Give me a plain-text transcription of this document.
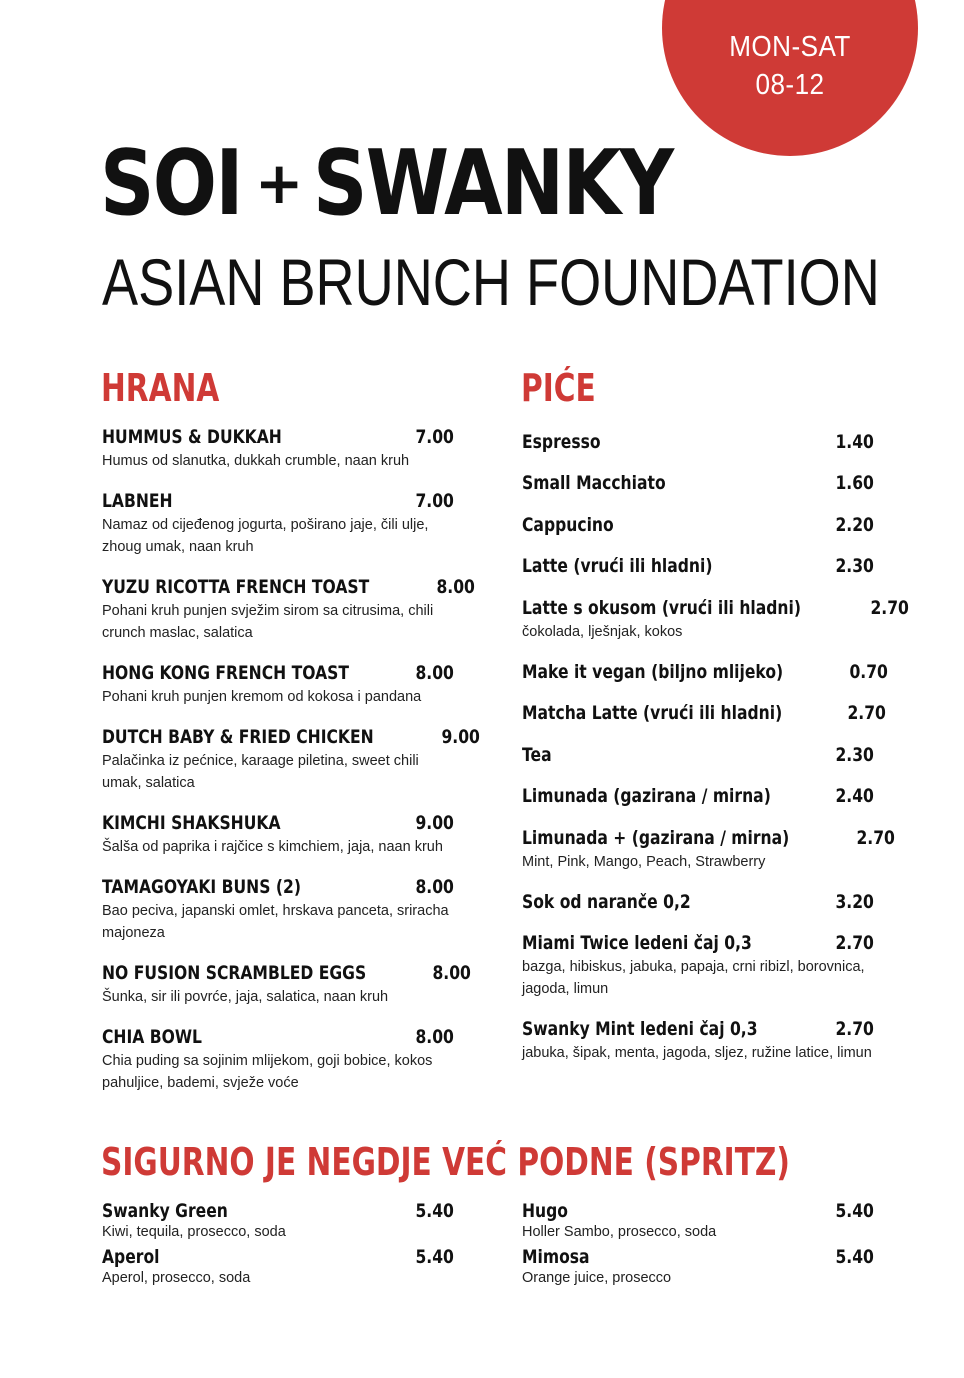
MON-SAT
08-12
SOI + SWANKY
ASIAN BRUNCH FOUNDATION
HRANA
HUMMUS & DUKKAH	7.00
Humus od slanutka, dukkah crumble, naan kruh
LABNEH	7.00
Namaz od cijeđenog jogurta, poširano jaje, čili ulje, zhoug umak, naan kruh
YUZU RICOTTA FRENCH TOAST	8.00
Pohani kruh punjen svježim sirom sa citrusima, chili crunch maslac, salatica
HONG KONG FRENCH TOAST	8.00
Pohani kruh punjen kremom od kokosa i pandana
DUTCH BABY & FRIED CHICKEN	9.00
Palačinka iz pećnice, karaage piletina, sweet chili umak, salatica
KIMCHI SHAKSHUKA	9.00
Šalša od paprika i rajčice s kimchiem, jaja, naan kruh
TAMAGOYAKI BUNS (2)	8.00
Bao peciva, japanski omlet, hrskava panceta, sriracha majoneza
NO FUSION SCRAMBLED EGGS	8.00
Šunka, sir ili povrće, jaja, salatica, naan kruh
CHIA BOWL	8.00
Chia puding sa sojinim mlijekom, goji bobice, kokos pahuljice, bademi, svježe voće
PIĆE
Espresso	1.40
Small Macchiato	1.60
Cappucino	2.20
Latte (vrući ili hladni)	2.30
Latte s okusom (vrući ili hladni)	2.70
čokolada, lješnjak, kokos
Make it vegan (biljno mlijeko)	0.70
Matcha Latte (vrući ili hladni)	2.70
Tea	2.30
Limunada (gazirana / mirna)	2.40
Limunada + (gazirana / mirna)	2.70
Mint, Pink, Mango, Peach, Strawberry
Sok od naranče 0,2	3.20
Miami Twice ledeni čaj 0,3	2.70
bazga, hibiskus, jabuka, papaja, crni ribizl, borovnica, jagoda, limun
Swanky Mint ledeni čaj 0,3	2.70
jabuka, šipak, menta, jagoda, sljez, ružine latice, limun
SIGURNO JE NEGDJE VEĆ PODNE (SPRITZ)
Swanky Green	5.40
Kiwi, tequila, prosecco, soda
Aperol	5.40
Aperol, prosecco, soda
Hugo	5.40
Holler Sambo, prosecco, soda
Mimosa	5.40
Orange juice, prosecco
